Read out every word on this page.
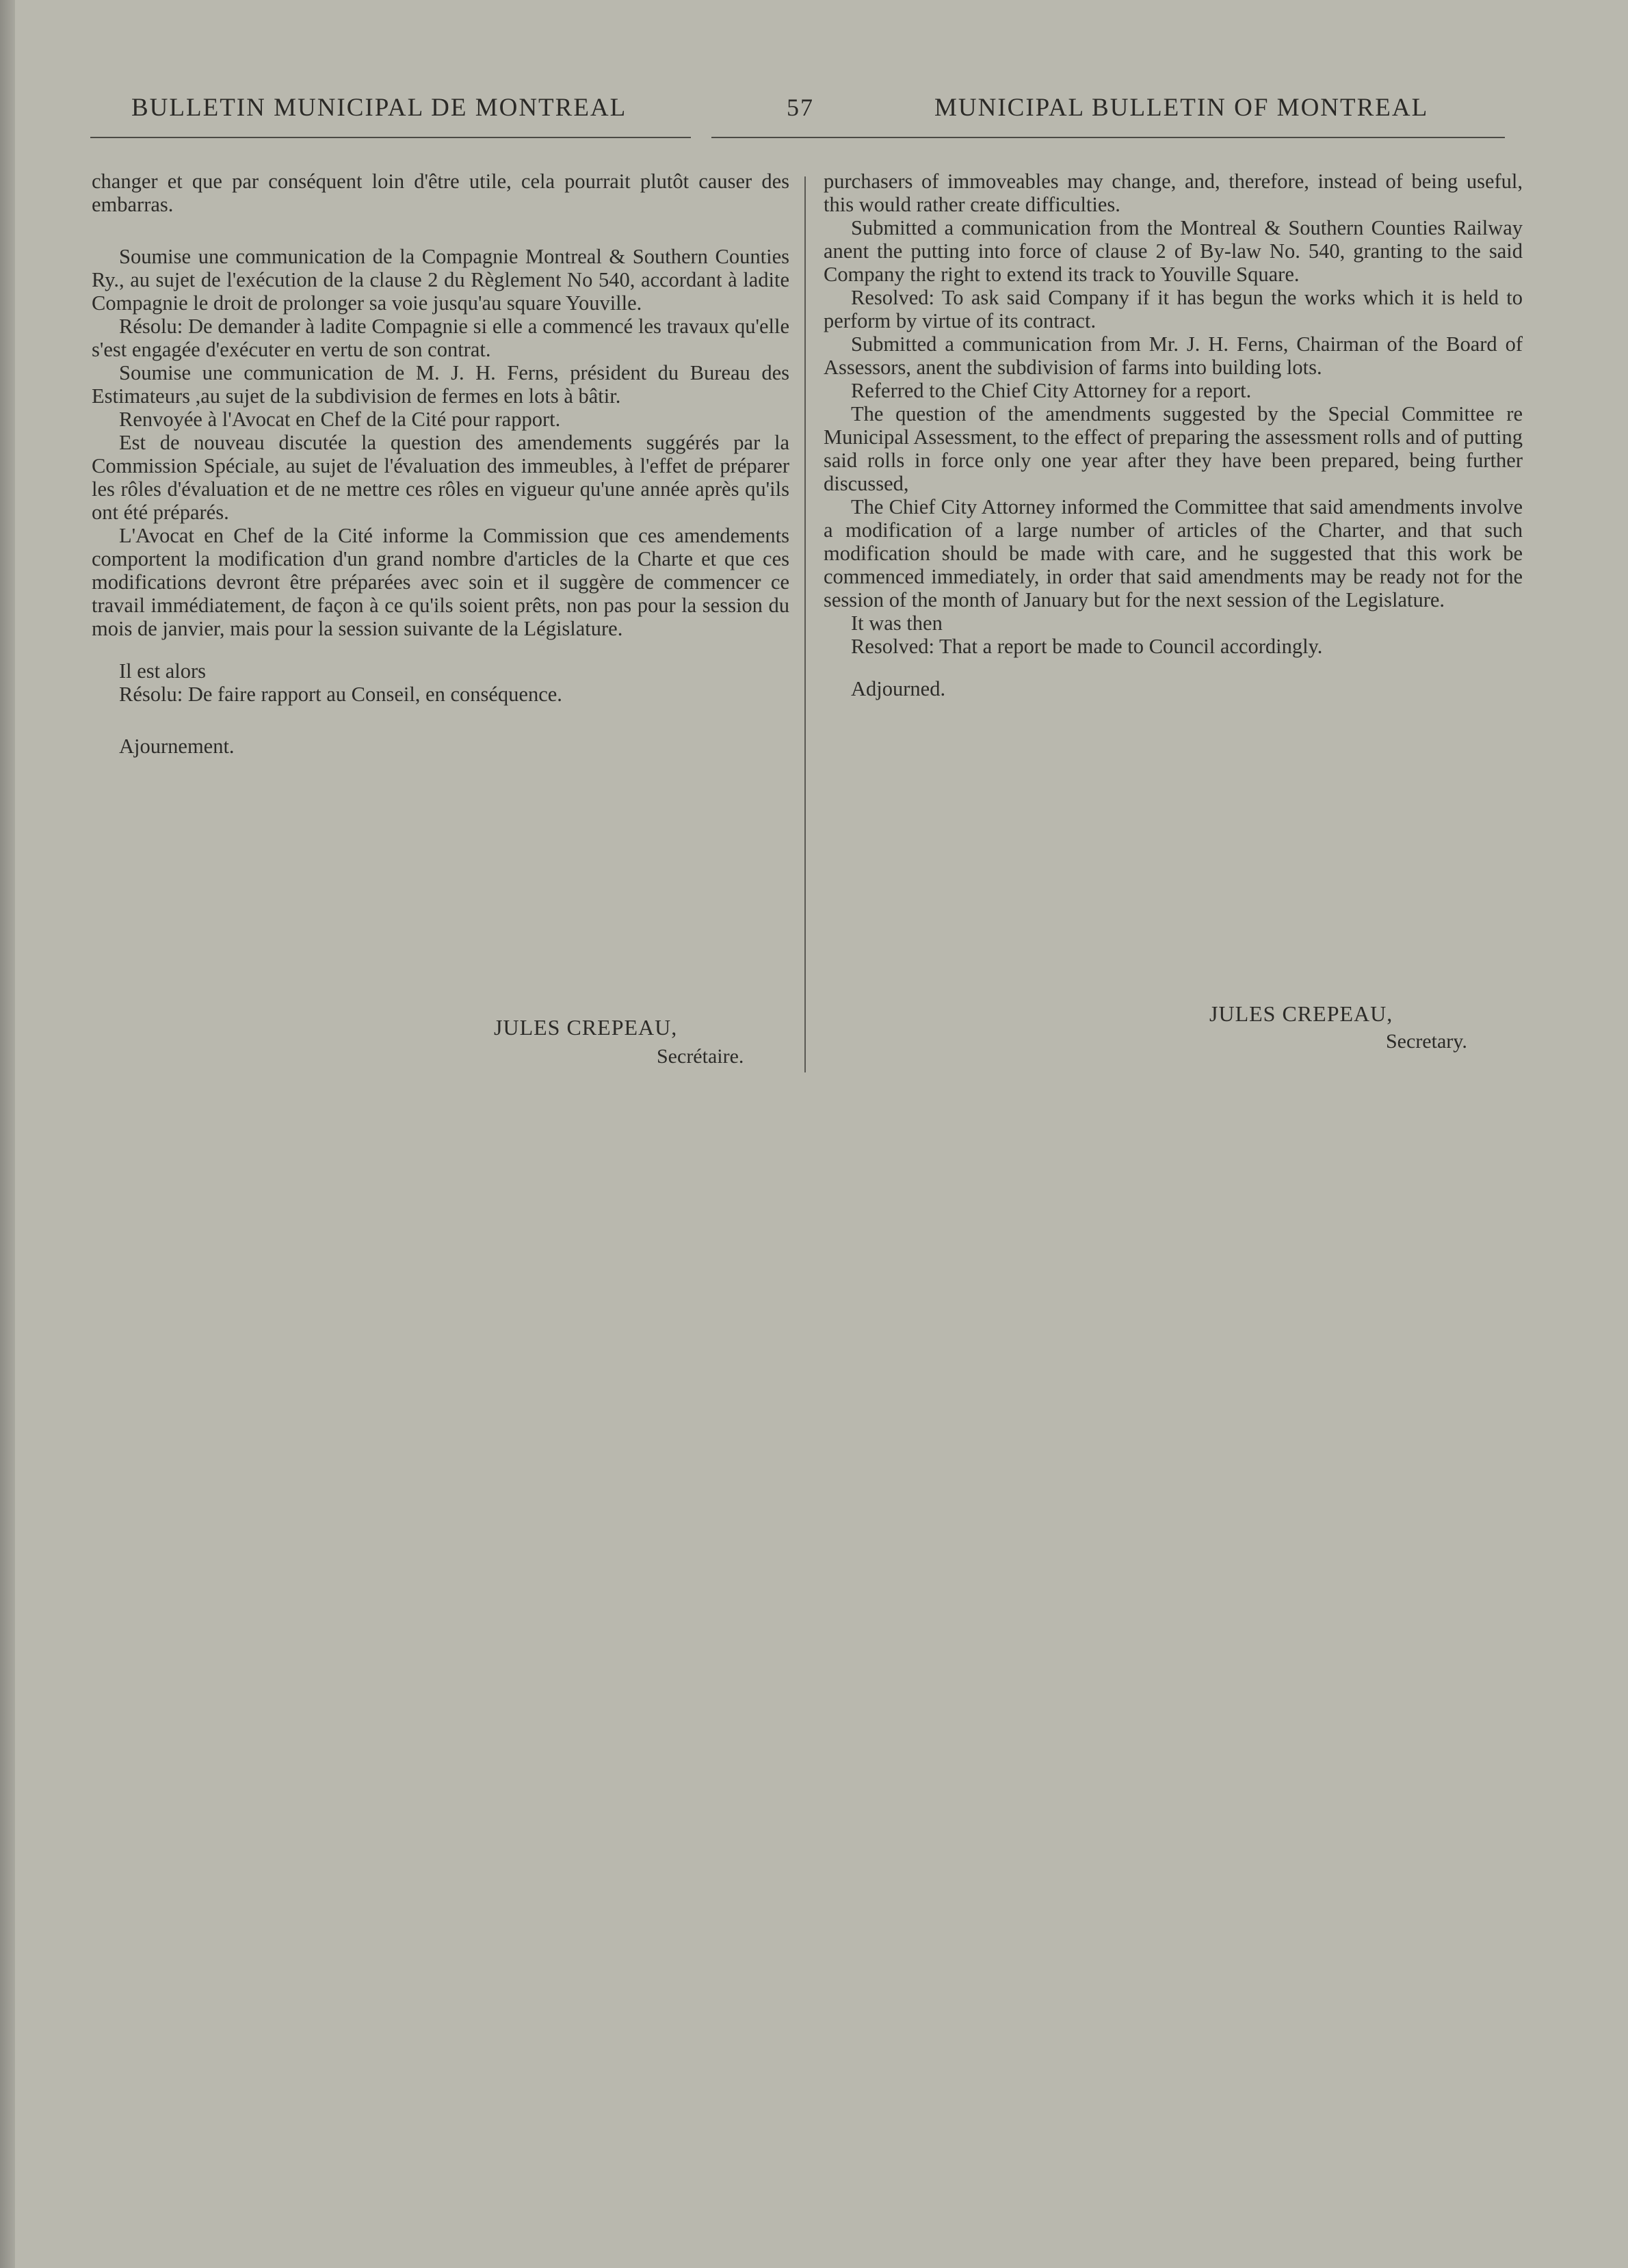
BULLETIN MUNICIPAL DE MONTREAL	57	MUNICIPAL BULLETIN OF MONTREAL

changer et que par conséquent loin d'être utile, cela pourrait plutôt causer des embarras.

Soumise une communication de la Compagnie Montreal & Southern Counties Ry., au sujet de l'exécution de la clause 2 du Règlement No 540, accordant à ladite Compagnie le droit de prolonger sa voie jusqu'au square Youville.

Résolu: De demander à ladite Compagnie si elle a commencé les travaux qu'elle s'est engagée d'exécuter en vertu de son contrat.

Soumise une communication de M. J. H. Ferns, président du Bureau des Estimateurs ,au sujet de la subdivision de fermes en lots à bâtir.

Renvoyée à l'Avocat en Chef de la Cité pour rapport.

Est de nouveau discutée la question des amendements suggérés par la Commission Spéciale, au sujet de l'évaluation des immeubles, à l'effet de préparer les rôles d'évaluation et de ne mettre ces rôles en vigueur qu'une année après qu'ils ont été préparés.

L'Avocat en Chef de la Cité informe la Commission que ces amendements comportent la modification d'un grand nombre d'articles de la Charte et que ces modifications devront être préparées avec soin et il suggère de commencer ce travail immédiatement, de façon à ce qu'ils soient prêts, non pas pour la session du mois de janvier, mais pour la session suivante de la Législature.

Il est alors

Résolu: De faire rapport au Conseil, en conséquence.

Ajournement.

purchasers of immoveables may change, and, therefore, instead of being useful, this would rather create difficulties.

Submitted a communication from the Montreal & Southern Counties Railway anent the putting into force of clause 2 of By-law No. 540, granting to the said Company the right to extend its track to Youville Square.

Resolved: To ask said Company if it has begun the works which it is held to perform by virtue of its contract.

Submitted a communication from Mr. J. H. Ferns, Chairman of the Board of Assessors, anent the subdivision of farms into building lots.

Referred to the Chief City Attorney for a report.

The question of the amendments suggested by the Special Committee re Municipal Assessment, to the effect of preparing the assessment rolls and of putting said rolls in force only one year after they have been prepared, being further discussed,

The Chief City Attorney informed the Committee that said amendments involve a modification of a large number of articles of the Charter, and that such modification should be made with care, and he suggested that this work be commenced immediately, in order that said amendments may be ready not for the session of the month of January but for the next session of the Legislature.

It was then

Resolved: That a report be made to Council accordingly.

Adjourned.

JULES CREPEAU,
Secrétaire.
JULES CREPEAU,
Secretary.
